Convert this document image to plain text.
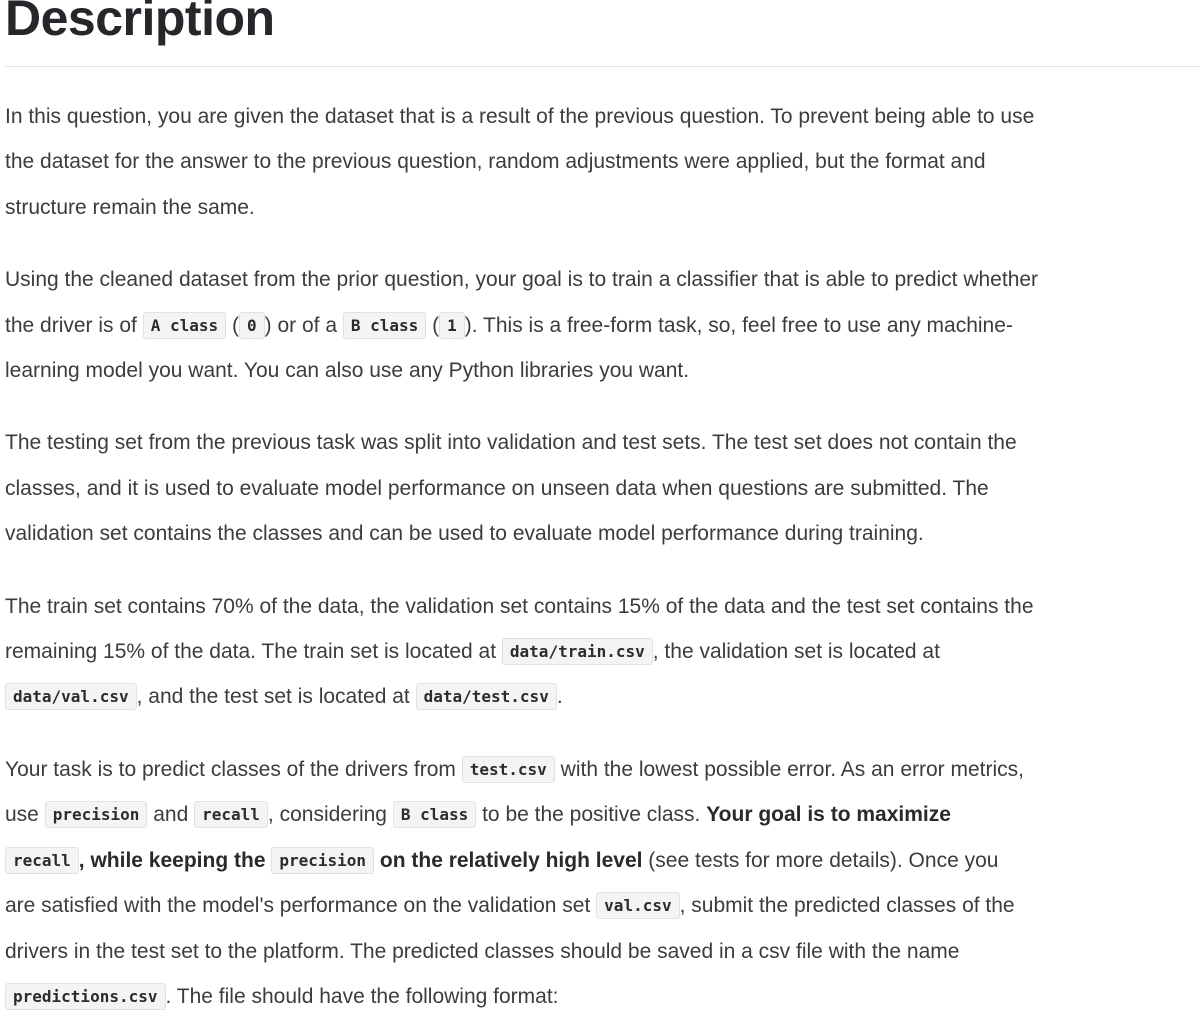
Description
In this question, you are given the dataset that is a result of the previous question. To prevent being able to use
the dataset for the answer to the previous question, random adjustments were applied, but the format and
structure remain the same.
Using the cleaned dataset from the prior question, your goal is to train a classifier that is able to predict whether
the driver is of A class ( 0 ) or of a B class ( 1 ). This is a free-form task, so, feel free to use any machine-
learning model you want. You can also use any Python libraries you want.
The testing set from the previous task was split into validation and test sets. The test set does not contain the
classes, and it is used to evaluate model performance on unseen data when questions are submitted. The
validation set contains the classes and can be used to evaluate model performance during training.
The train set contains 70% of the data, the validation set contains 15% of the data and the test set contains the
remaining 15% of the data. The train set is located at data/train.csv , the validation set is located at
data/val.csv , and the test set is located at data/test.csv .
Your task is to predict classes of the drivers from test.csv with the lowest possible error. As an error metrics,
use precision and recall , considering B class to be the positive class. Your goal is to maximize
recall , while keeping the precision on the relatively high level (see tests for more details). Once you
are satisfied with the model's performance on the validation set val.csv , submit the predicted classes of the
drivers in the test set to the platform. The predicted classes should be saved in a csv file with the name
predictions.csv . The file should have the following format:
